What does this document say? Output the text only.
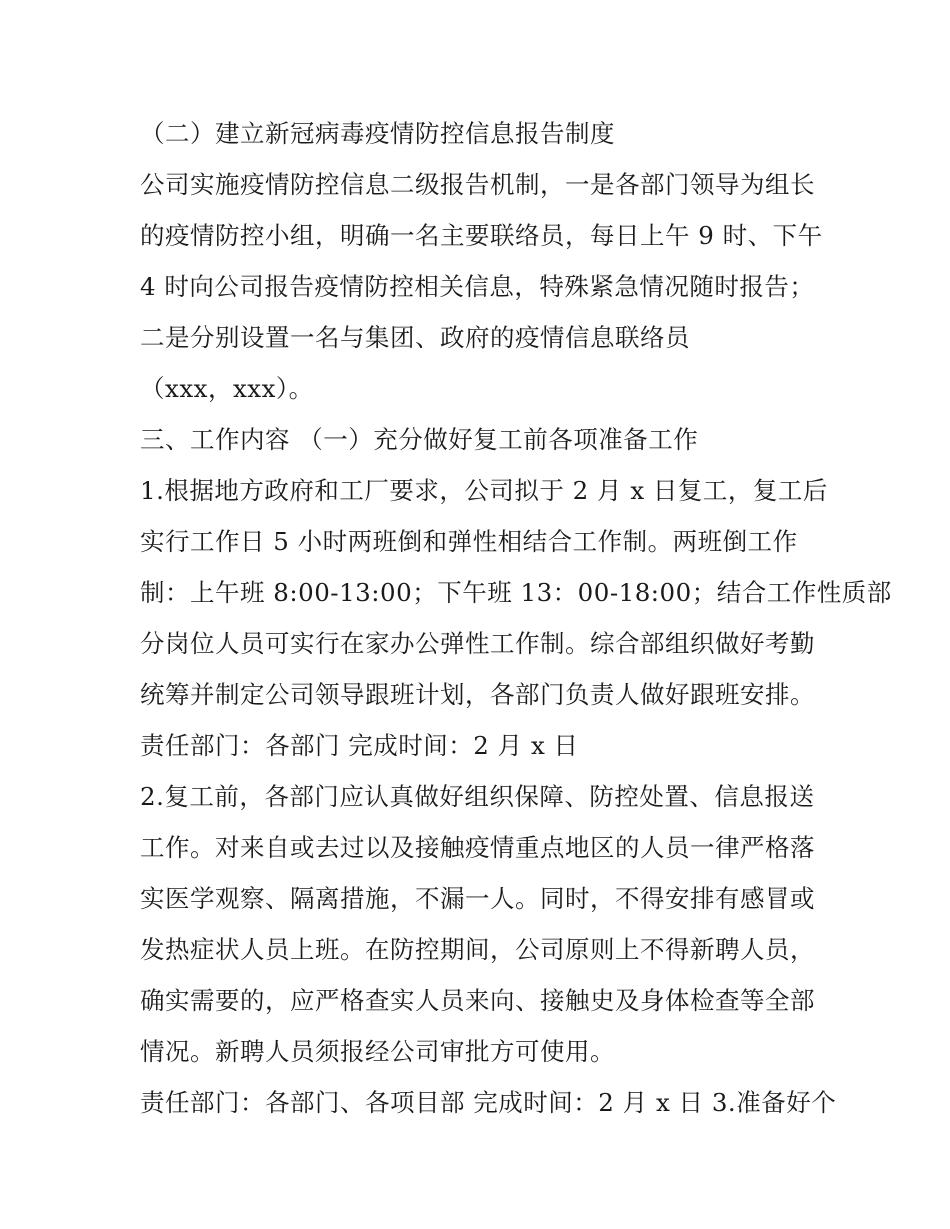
（二）建立新冠病毒疫情防控信息报告制度
公司实施疫情防控信息二级报告机制，一是各部门领导为组长
的疫情防控小组，明确一名主要联络员，每日上午 9 时、下午
4 时向公司报告疫情防控相关信息，特殊紧急情况随时报告；
二是分别设置一名与集团、政府的疫情信息联络员
（xxx，xxx）。
三、工作内容 （一）充分做好复工前各项准备工作
1.根据地方政府和工厂要求，公司拟于 2 月 x 日复工，复工后
实行工作日 5 小时两班倒和弹性相结合工作制。两班倒工作
制：上午班 8:00-13:00；下午班 13：00-18:00；结合工作性质部
分岗位人员可实行在家办公弹性工作制。综合部组织做好考勤
统筹并制定公司领导跟班计划，各部门负责人做好跟班安排。
责任部门：各部门 完成时间：2 月 x 日
2.复工前，各部门应认真做好组织保障、防控处置、信息报送
工作。对来自或去过以及接触疫情重点地区的人员一律严格落
实医学观察、隔离措施，不漏一人。同时，不得安排有感冒或
发热症状人员上班。在防控期间，公司原则上不得新聘人员，
确实需要的，应严格查实人员来向、接触史及身体检查等全部
情况。新聘人员须报经公司审批方可使用。
责任部门：各部门、各项目部 完成时间：2 月 x 日 3.准备好个
